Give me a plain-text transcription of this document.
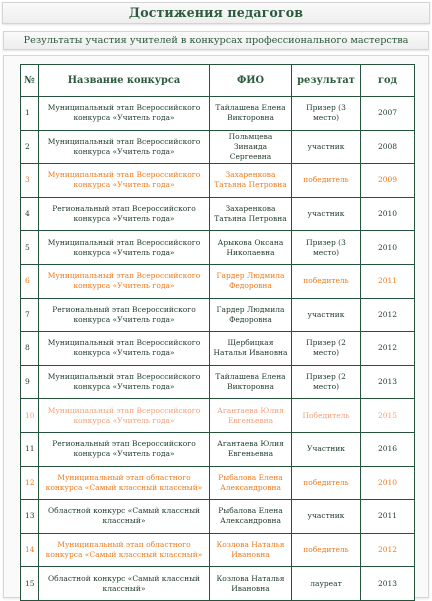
Достижения педагогов
Результаты участия учителей в конкурсах профессионального мастерства
№	Название конкурса	ФИО	результат	год
1	Муниципальный этап Всероссийского конкурса «Учитель года»	Тайлашева Елена Викторовна	Призер (3 место)	2007
2	Муниципальный этап Всероссийского конкурса «Учитель года»	Польмцева Зинаида Сергеевна	участник	2008
3	Муниципальный этап Всероссийского конкурса «Учитель года»	Захаренкова Татьяна Петровна	победитель	2009
4	Региональный этап Всероссийского конкурса »Учитель года»	Захаренкова Татьяна Петровна	участник	2010
5	Муниципальный этап Всероссийского конкурса «Учитель года»	Арыкова Оксана Николаевна	Призер (3 место)	2010
6	Муниципальный этап Всероссийского конкурса «Учитель года»	Гардер Людмила Федоровна	победитель	2011
7	Региональный этап Всероссийского конкурса «Учитель года»	Гардер Людмила Федоровна	участник	2012
8	Муниципальный этап Всероссийского конкурса «Учитель года»	Щербицкая Наталья Ивановна	Призер (2 место)	2012
9	Муниципальный этап Всероссийского конкурса «Учитель года»	Тайлашева Елена Викторовна	Призер (2 место)	2013
10	Муниципальный этап Всероссийского конкурса «Учитель года»	Агантаева Юлия Евгеньевна	Победитель	2015
11	Региональный этап Всероссийского конкурса «Учитель года»	Агантаева Юлия Евгеньевна	Участник	2016
12	Муниципальный этап областного конкурса «Самый классный классный»	Рыбалова Елена Александровна	победитель	2010
13	Областной конкурс «Самый классный классный»	Рыбалова Елена Александровна	участник	2011
14	Муниципальный этап областного конкурса «Самый классный классный»	Козлова Наталья Ивановна	победитель	2012
15	Областной конкурс «Самый классный классный»	Козлова Наталья Ивановна	лауреат	2013
